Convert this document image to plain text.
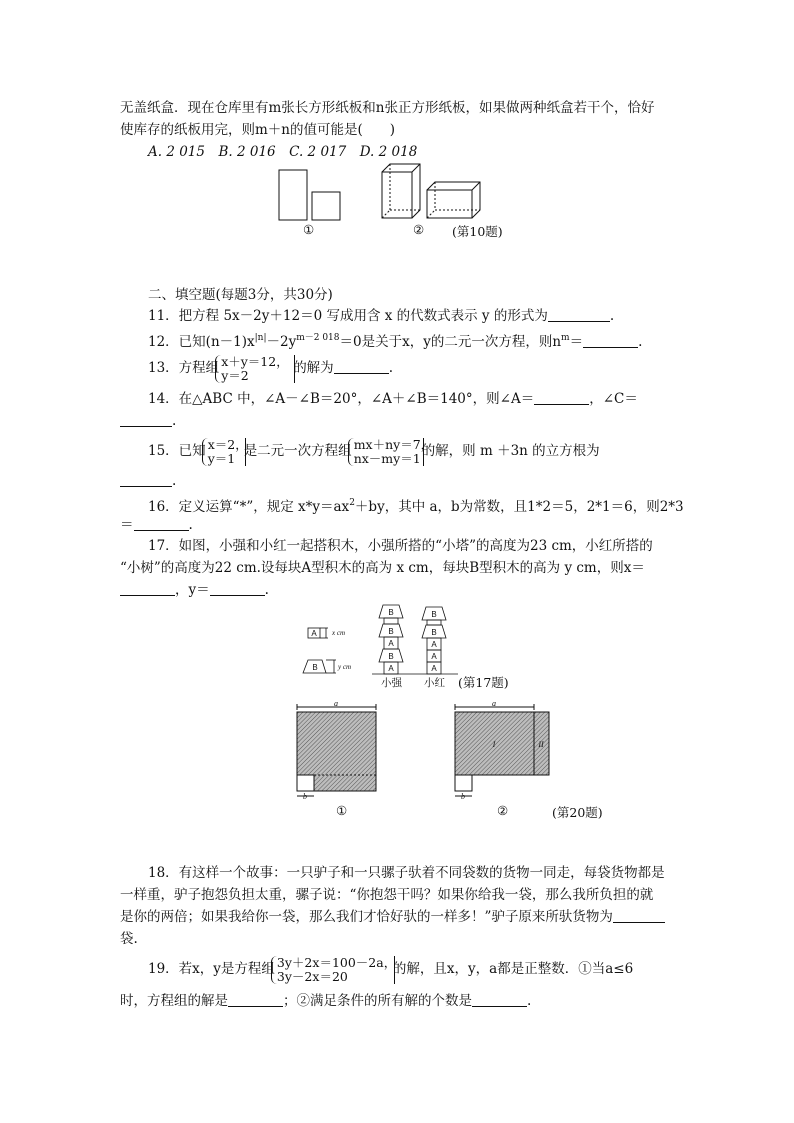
无盖纸盒．现在仓库里有m张长方形纸板和n张正方形纸板，如果做两种纸盒若干个，恰好
使库存的纸板用完，则m＋n的值可能是(　　)
A. 2 015　B. 2 016　C. 2 017　D. 2 018
①	② (第10题)
二、填空题(每题3分，共30分)
11．把方程 5x－2y＋12＝0 写成用含 x 的代数式表示 y 的形式为	.
12．已知$(n-1)x^{|n|}-2y^{m-2 018}=0$是关于x，y的二元一次方程，则$n^m=$	.
13．方程组 x＋y＝12，
y＝2	的解为	.
14．在△ABC 中，∠A－∠B＝20°，∠A＋∠B＝140°，则∠A＝	，∠C＝
.
15．已知 x＝2，
y＝1 是二元一次方程组 mx＋ny＝7，
nx－my＝1 的解，则 m ＋3n 的立方根为
.
16．定义运算“*”，规定 $x*y=ax^2+by$，其中 a，b为常数，且1*2＝5，2*1＝6，则2*3
＝	.
17．如图，小强和小红一起搭积木，小强所搭的“小塔”的高度为23 cm，小红所搭的
“小树”的高度为22 cm.设每块A型积木的高为 x cm，每块B型积木的高为 y cm，则x＝
，y＝	.
A
B	A
B
A
B
B
A
A
A
B
B
x cm
y cm
小强 小红 (第17题)
a
b
a
b
I	II
①	②	(第20题)
18．有这样一个故事：一只驴子和一只骡子驮着不同袋数的货物一同走，每袋货物都是
一样重，驴子抱怨负担太重，骡子说：“你抱怨干吗？如果你给我一袋，那么我所负担的就
是你的两倍；如果我给你一袋，那么我们才恰好驮的一样多！”驴子原来所驮货物为
袋.
19．若x，y是方程组 3y＋2x＝100－2a，
3y－2x＝20	的解，且x，y，a都是正整数．①当a≤6
时，方程组的解是	；②满足条件的所有解的个数是	.
